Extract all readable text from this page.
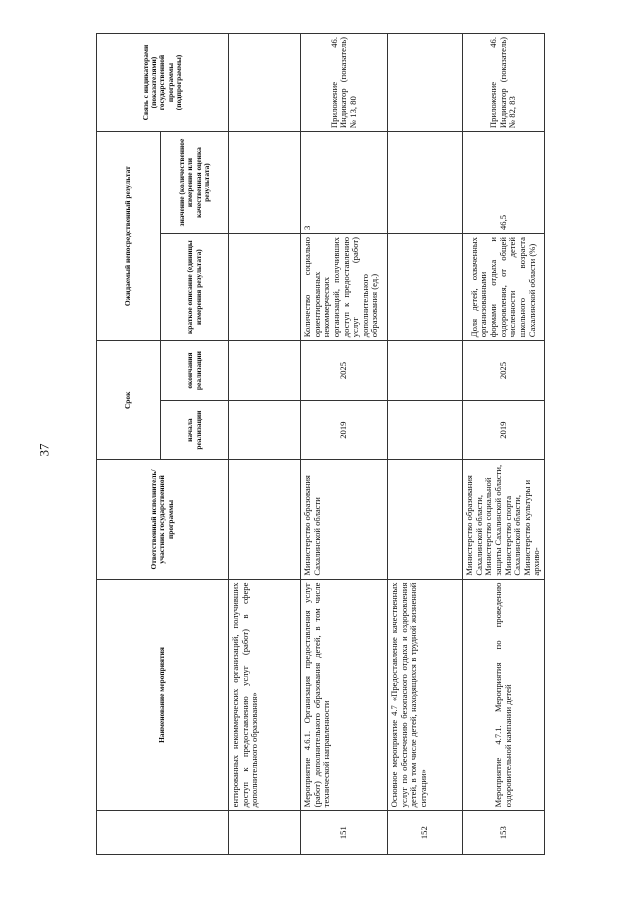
37
	Наименование мероприятия	Ответственный исполнитель/участник государственной программы	Срок		Ожидаемый непосредственный результат		Связь с индикаторами (показателями) государственной программы (подпрограммы)
			начала реализации	окончания реализации	краткое описание (единицы измерения результата)	значение (количественное измерение или качественная оценка результата)	
	ентированных некоммерческих организаций, получивших доступ к предоставлению услуг (работ) в сфере дополнительного образования»						
151	Мероприятие 4.6.1. Организация предоставления услуг (работ) дополнительного образования детей, в том числе технической направленности	Министерство образования Сахалинской области	2019	2025	Количество социально ориентированных некоммерческих организаций, получивших доступ к предоставлению услуг (работ) дополнительного образования (ед.)	3	Приложение 46. Индикатор (показатель) № 13, 80
152	Основное мероприятие 4.7 «Предоставление качественных услуг по обеспечению безопасного отдыха и оздоровления детей, в том числе детей, находящихся в трудной жизненной ситуации»						
153	Мероприятие 4.7.1. Мероприятия по проведению оздоровительной кампании детей	Министерство образования Сахалинской области, Министерство социальной защиты Сахалинской области, Министерство спорта Сахалинской области, Министерство культуры и архиво-	2019	2025	Доля детей, охваченных организованными формами отдыха и оздоровления, от общей численности детей школьного возраста Сахалинской области (%)	46,5	Приложение 46. Индикатор (показатель) № 82, 83
